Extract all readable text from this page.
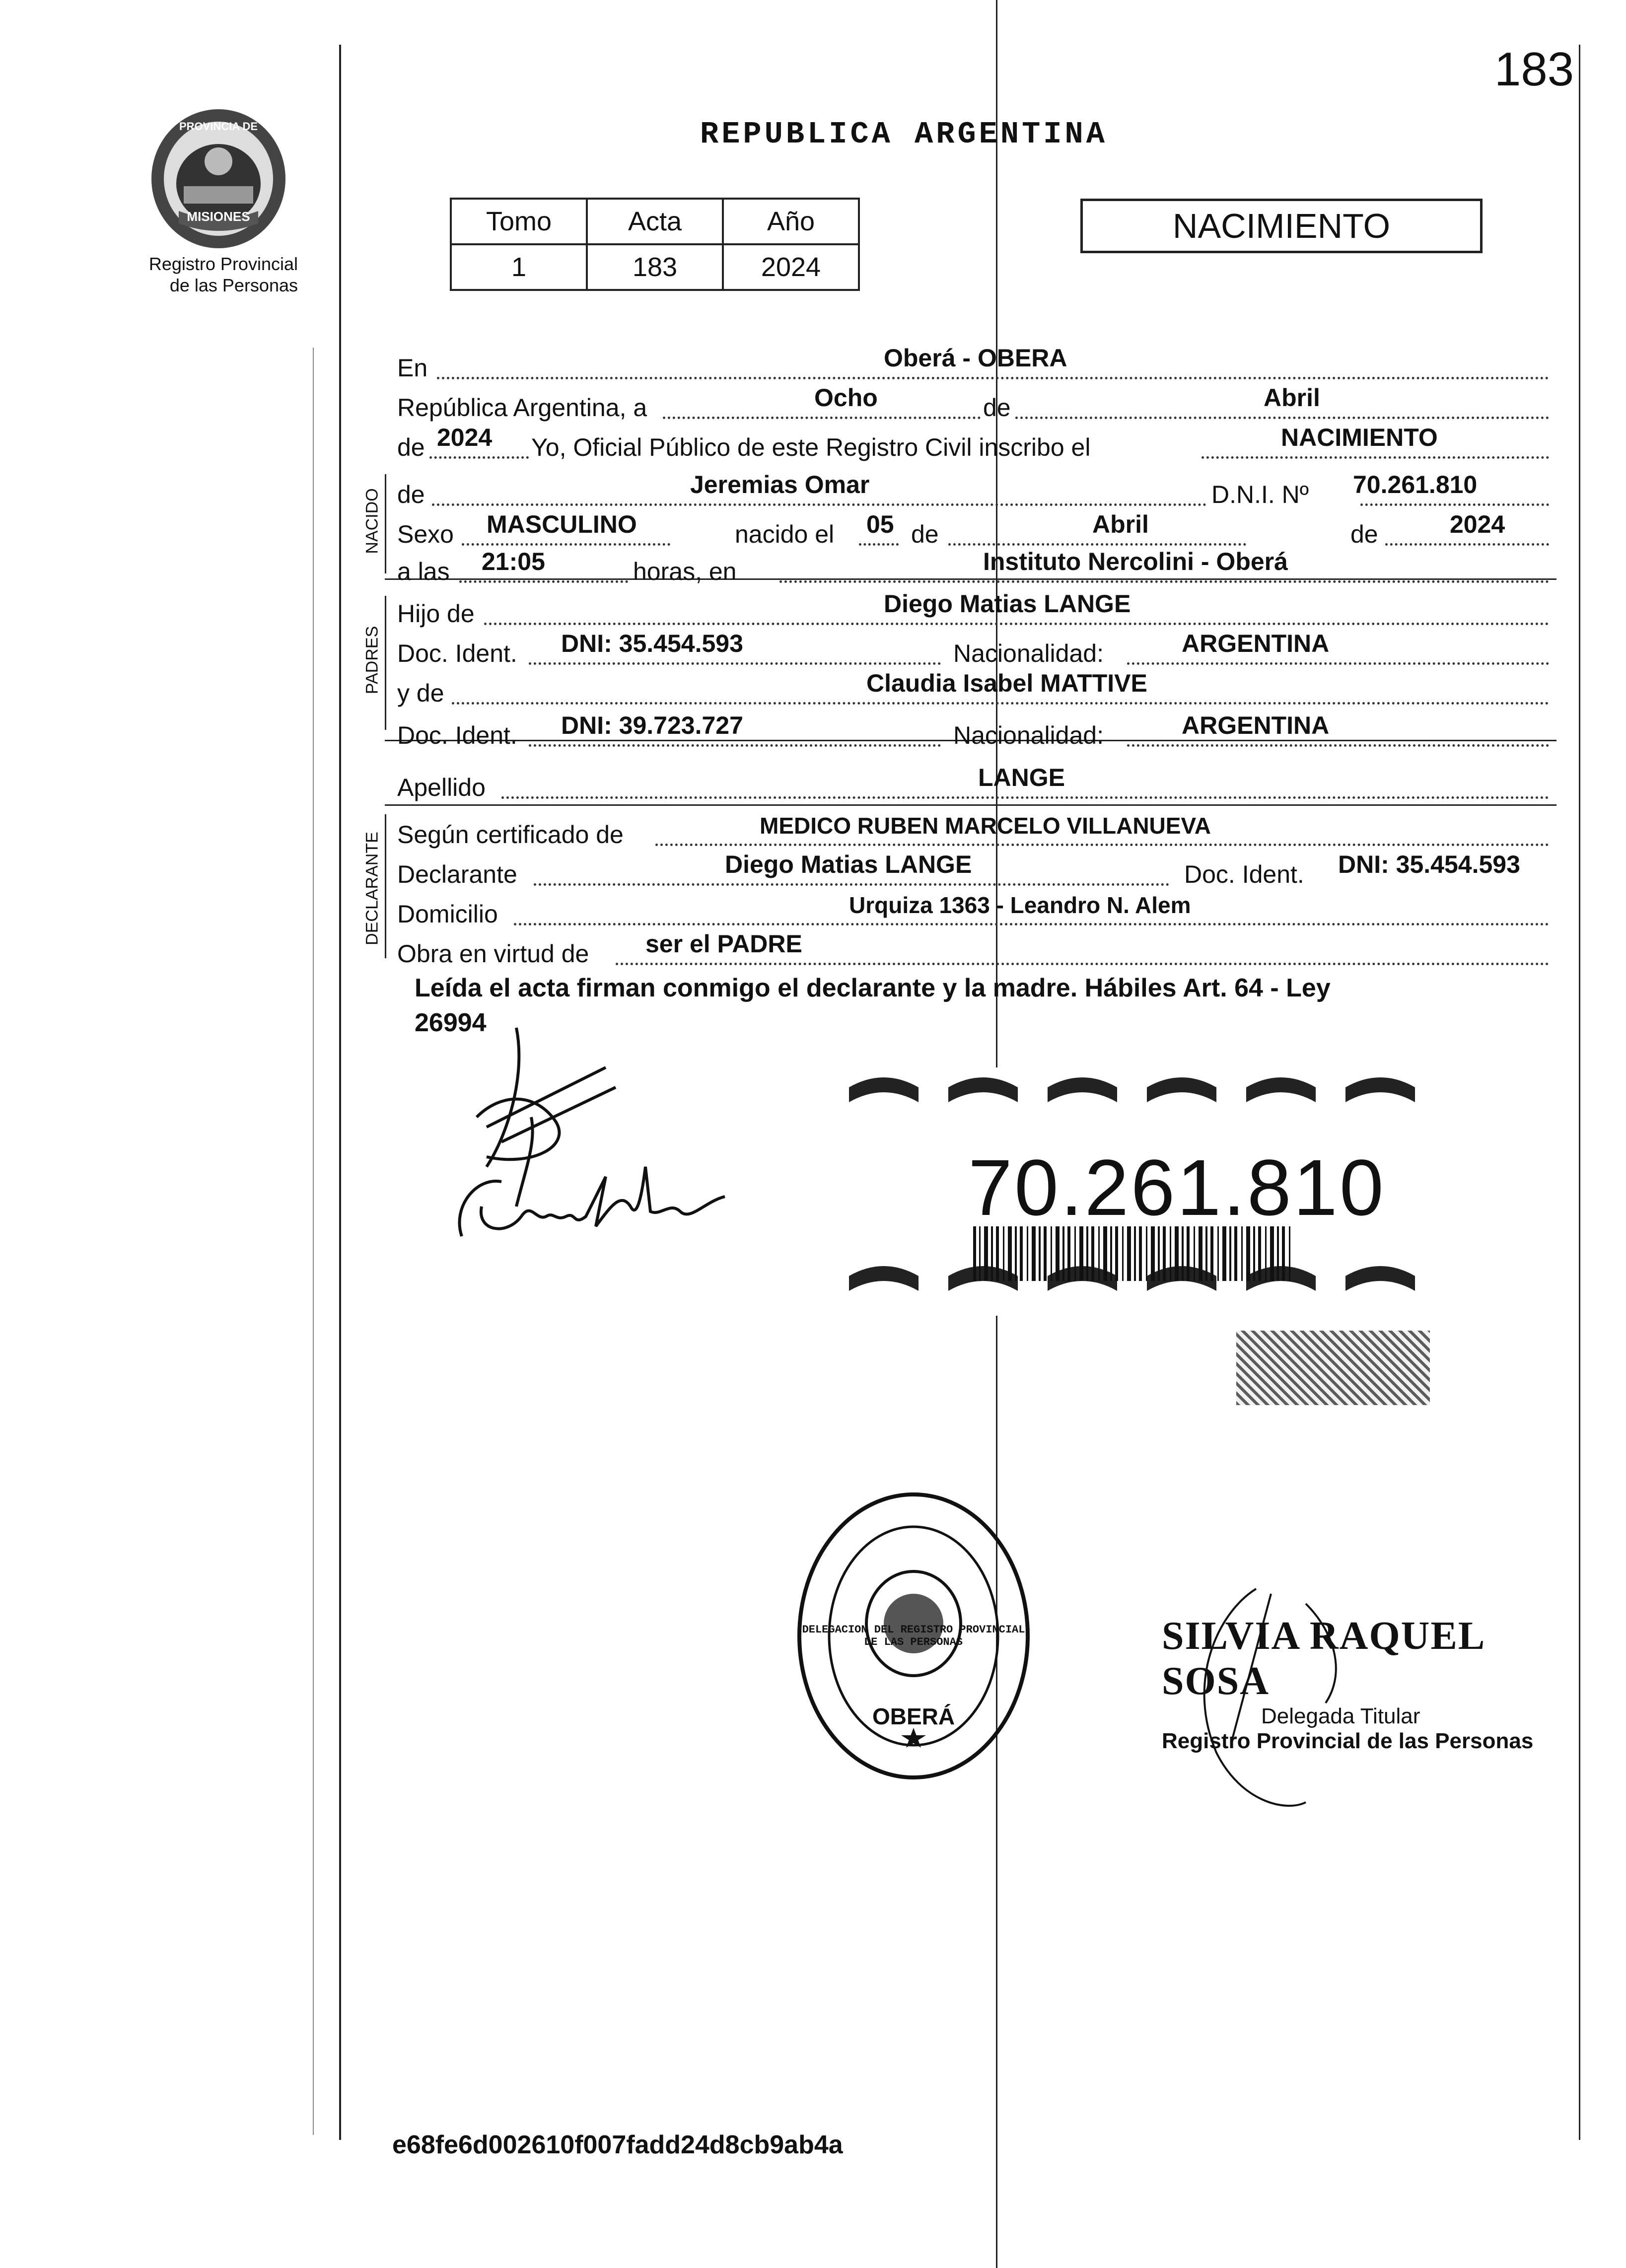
183
MISIONES
PROVINCIA DE
Registro Provincial
de las Personas
REPUBLICA ARGENTINA
Tomo	Acta	Año
1	183	2024
NACIMIENTO
NACIDO
PADRES
DECLARANTE
En	Oberá - OBERA
República Argentina, a	Ocho	de	Abril
de 2024 Yo, Oficial Público de este Registro Civil inscribo el	NACIMIENTO
de	Jeremias Omar	D.N.I. Nº 70.261.810
Sexo MASCULINO	nacido el 05 de	Abril	de	2024
a las 21:05	horas, en	Instituto Nercolini - Oberá
Hijo de	Diego Matias LANGE
Doc. Ident. DNI: 35.454.593	Nacionalidad:	ARGENTINA
y de	Claudia Isabel MATTIVE
Doc. Ident. DNI: 39.723.727	Nacionalidad:	ARGENTINA
Apellido	LANGE
Según certificado de	MEDICO RUBEN MARCELO VILLANUEVA
Declarante	Diego Matias LANGE	Doc. Ident. DNI: 35.454.593
Domicilio	Urquiza 1363 - Leandro N. Alem
Obra en virtud de ser el PADRE
Leída el acta firman conmigo el declarante y la madre. Hábiles Art. 64 - Ley
26994
70.261.810
DELEGACION DEL REGISTRO PROVINCIAL DE LAS PERSONAS
OBERÁ
SILVIA RAQUEL SOSA
Delegada Titular
Registro Provincial de las Personas
e68fe6d002610f007fadd24d8cb9ab4a
